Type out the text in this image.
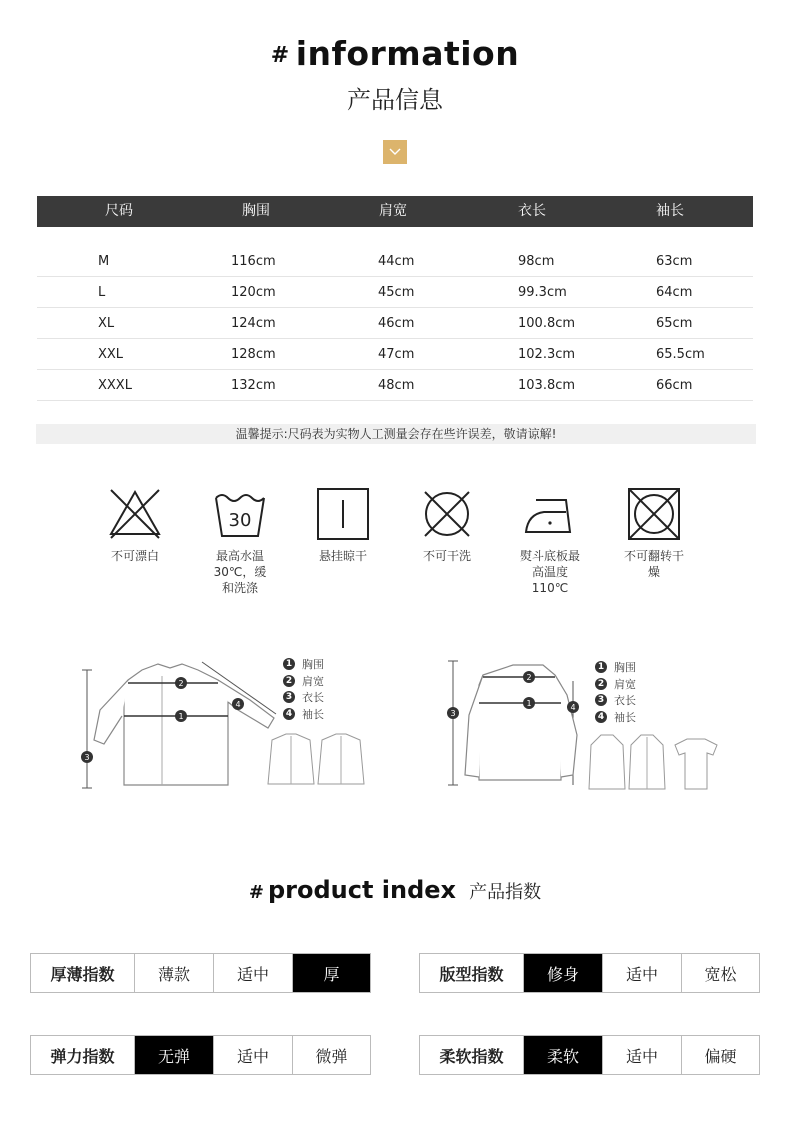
# information
产品信息
尺码	胸围	肩宽	衣长	袖长
M	116cm	44cm	98cm	63cm
L	120cm	45cm	99.3cm	64cm
XL	124cm	46cm	100.8cm	65cm
XXL	128cm	47cm	102.3cm	65.5cm
XXXL	132cm	48cm	103.8cm	66cm
温馨提示:尺码表为实物人工测量会存在些许误差，敬请谅解!
不可漂白
30
最高水温
30℃，缓
和洗涤
悬挂晾干	不可干洗	熨斗底板最
高温度
110℃
不可翻转干
燥
1
2
3
4
1 胸围
2 肩宽
3 衣长
4 袖长
1
2
3
4
1 胸围
2 肩宽
3 衣长
4 袖长
# product index 产品指数
厚薄指数	薄款	适中	厚	版型指数	修身	适中	宽松
弹力指数	无弹	适中	微弹	柔软指数	柔软	适中	偏硬
